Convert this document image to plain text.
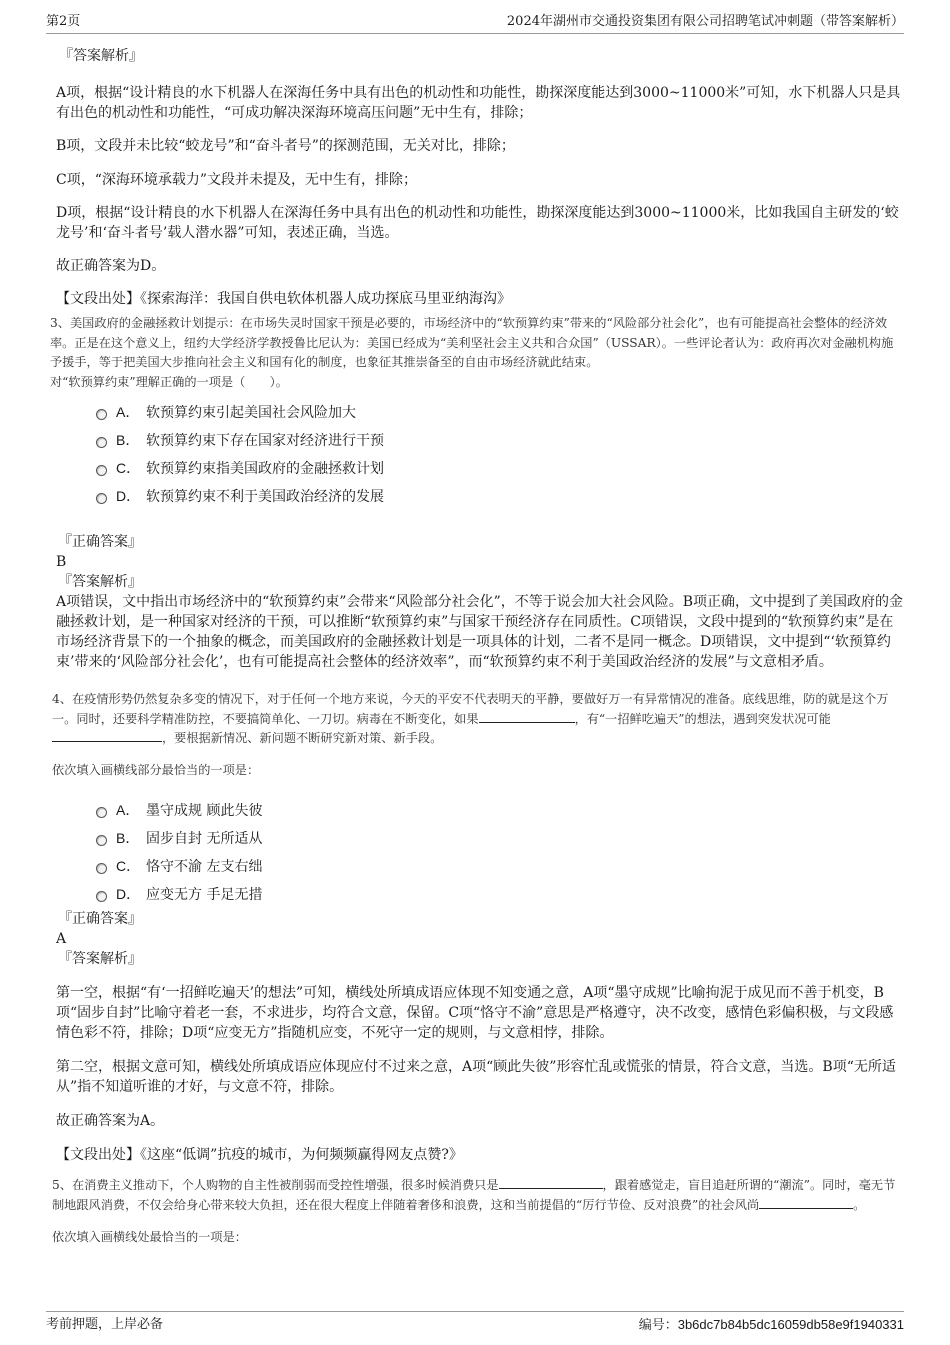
第2页	2024年湖州市交通投资集团有限公司招聘笔试冲刺题（带答案解析）
『答案解析』

A项，根据“设计精良的水下机器人在深海任务中具有出色的机动性和功能性，勘探深度能达到3000~11000米”可知，水下机器人只是具有出色的机动性和功能性，“可成功解决深海环境高压问题”无中生有，排除；

B项，文段并未比较“蛟龙号”和“奋斗者号”的探测范围，无关对比，排除；

C项，“深海环境承载力”文段并未提及，无中生有，排除；

D项，根据“设计精良的水下机器人在深海任务中具有出色的机动性和功能性，勘探深度能达到3000~11000米，比如我国自主研发的‘蛟龙号’和‘奋斗者号’载人潜水器”可知，表述正确，当选。

故正确答案为D。

【文段出处】《探索海洋：我国自供电软体机器人成功探底马里亚纳海沟》

3、美国政府的金融拯救计划提示：在市场失灵时国家干预是必要的，市场经济中的“软预算约束”带来的“风险部分社会化”，也有可能提高社会整体的经济效率。正是在这个意义上，纽约大学经济学教授鲁比尼认为：美国已经成为“美利坚社会主义共和合众国”（USSAR）。一些评论者认为：政府再次对金融机构施予援手，等于把美国大步推向社会主义和国有化的制度，也象征其推崇备至的自由市场经济就此结束。

对“软预算约束”理解正确的一项是（　　）。

A． 软预算约束引起美国社会风险加大
B． 软预算约束下存在国家对经济进行干预
C． 软预算约束指美国政府的金融拯救计划
D． 软预算约束不利于美国政治经济的发展
『正确答案』
B
『答案解析』

A项错误，文中指出市场经济中的“软预算约束”会带来“风险部分社会化”，不等于说会加大社会风险。B项正确，文中提到了美国政府的金融拯救计划，是一种国家对经济的干预，可以推断“软预算约束”与国家干预经济存在同质性。C项错误，文段中提到的“软预算约束”是在市场经济背景下的一个抽象的概念，而美国政府的金融拯救计划是一项具体的计划，二者不是同一概念。D项错误，文中提到“‘软预算约束’带来的‘风险部分社会化’，也有可能提高社会整体的经济效率”，而“软预算约束不利于美国政治经济的发展”与文意相矛盾。

4、在疫情形势仍然复杂多变的情况下，对于任何一个地方来说，今天的平安不代表明天的平静，要做好万一有异常情况的准备。底线思维，防的就是这个万一。同时，还要科学精准防控，不要搞简单化、一刀切。病毒在不断变化，如果	，有“一招鲜吃遍天”的想法，遇到突发状况可能，要根据新情况、新问题不断研究新对策、新手段。

依次填入画横线部分最恰当的一项是：

A． 墨守成规 顾此失彼
B． 固步自封 无所适从
C． 恪守不渝 左支右绌
D． 应变无方 手足无措
『正确答案』
A
『答案解析』

第一空，根据“有‘一招鲜吃遍天’的想法”可知，横线处所填成语应体现不知变通之意，A项“墨守成规”比喻拘泥于成见而不善于机变，B项“固步自封”比喻守着老一套，不求进步，均符合文意，保留。C项“恪守不渝”意思是严格遵守，决不改变，感情色彩偏积极，与文段感情色彩不符，排除；D项“应变无方”指随机应变，不死守一定的规则，与文意相悖，排除。

第二空，根据文意可知，横线处所填成语应体现应付不过来之意，A项“顾此失彼”形容忙乱或慌张的情景，符合文意，当选。B项“无所适从”指不知道听谁的才好，与文意不符，排除。

故正确答案为A。

【文段出处】《这座“低调”抗疫的城市，为何频频赢得网友点赞?》

5、在消费主义推动下，个人购物的自主性被削弱而受控性增强，很多时候消费只是	，跟着感觉走，盲目追赶所谓的“潮流”。同时，毫无节制地跟风消费，不仅会给身心带来较大负担，还在很大程度上伴随着奢侈和浪费，这和当前提倡的“厉行节俭、反对浪费”的社会风尚	。

依次填入画横线处最恰当的一项是：

考前押题，上岸必备	编号：3b6dc7b84b5dc16059db58e9f1940331
